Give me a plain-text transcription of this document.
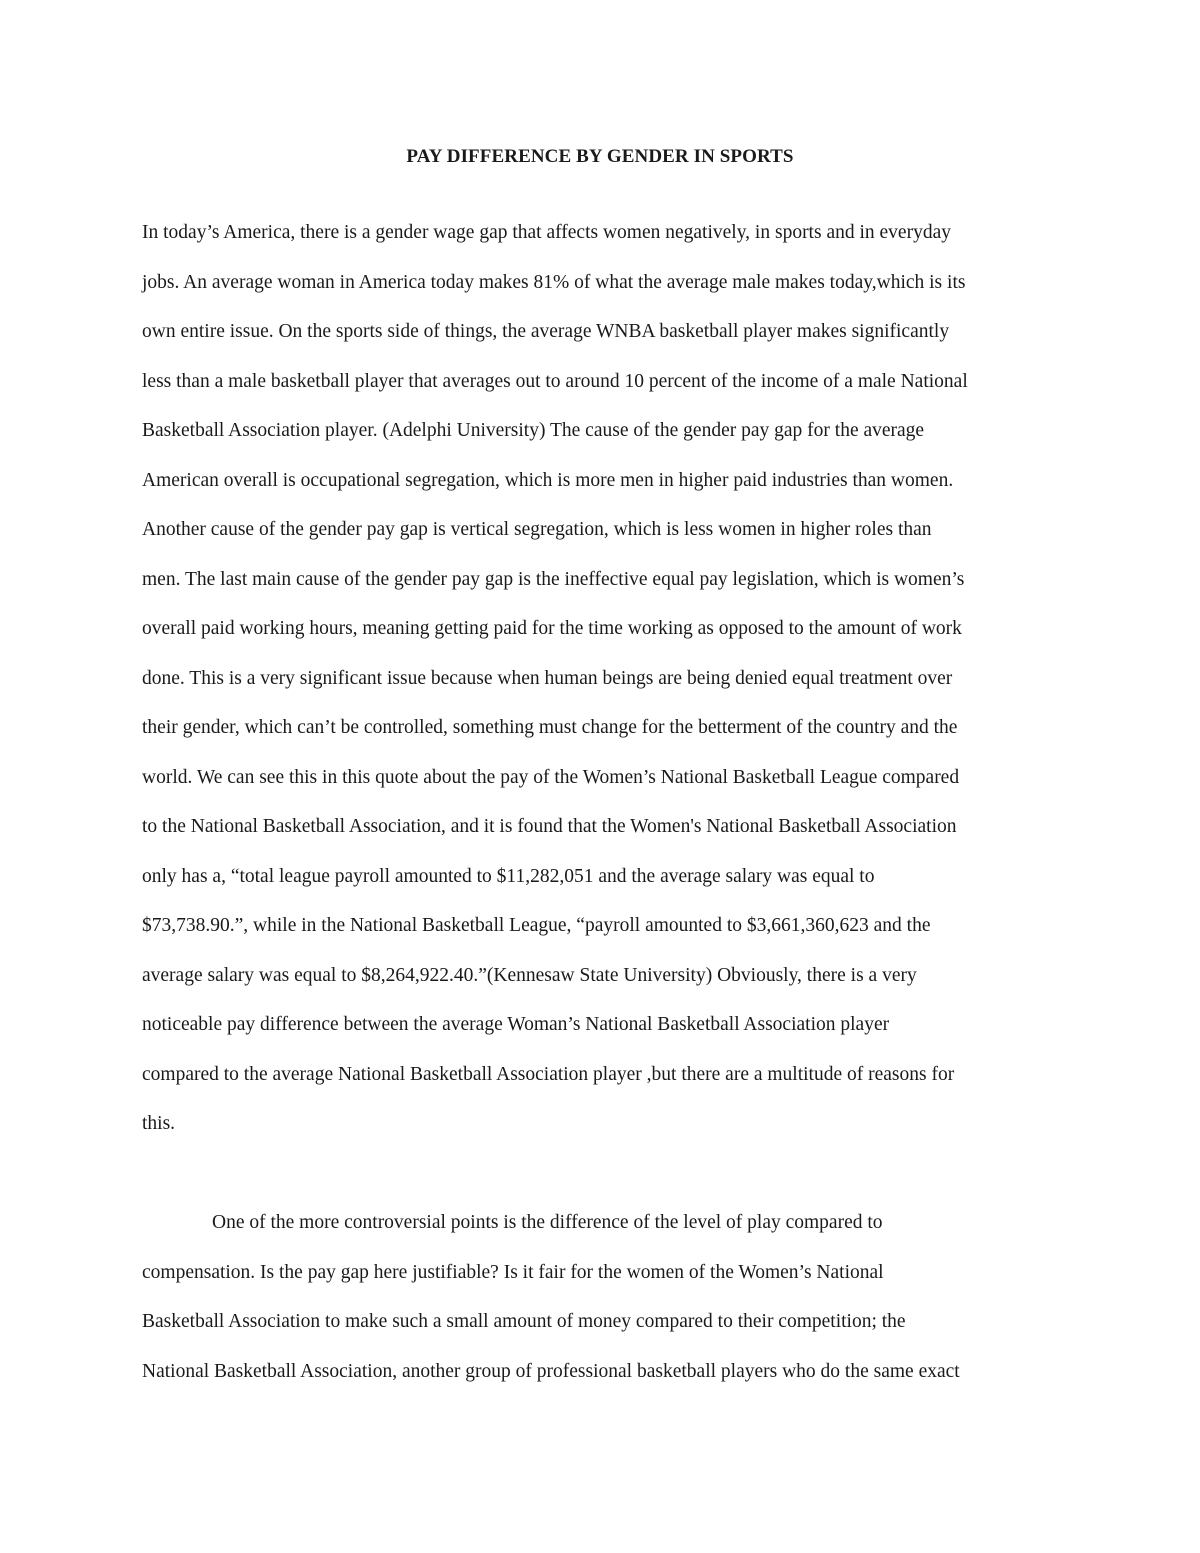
PAY DIFFERENCE BY GENDER IN SPORTS
In today’s America, there is a gender wage gap that affects women negatively, in sports and in everyday
jobs. An average woman in America today makes 81% of what the average male makes today,which is its
own entire issue. On the sports side of things, the average WNBA basketball player makes significantly
less than a male basketball player that averages out to around 10 percent of the income of a male National
Basketball Association player. (Adelphi University) The cause of the gender pay gap for the average
American overall is occupational segregation, which is more men in higher paid industries than women.
Another cause of the gender pay gap is vertical segregation, which is less women in higher roles than
men. The last main cause of the gender pay gap is the ineffective equal pay legislation, which is women’s
overall paid working hours, meaning getting paid for the time working as opposed to the amount of work
done. This is a very significant issue because when human beings are being denied equal treatment over
their gender, which can’t be controlled, something must change for the betterment of the country and the
world. We can see this in this quote about the pay of the Women’s National Basketball League compared
to the National Basketball Association, and it is found that the Women's National Basketball Association
only has a, “total league payroll amounted to $11,282,051 and the average salary was equal to
$73,738.90.”, while in the National Basketball League, “payroll amounted to $3,661,360,623 and the
average salary was equal to $8,264,922.40.”(Kennesaw State University) Obviously, there is a very
noticeable pay difference between the average Woman’s National Basketball Association player
compared to the average National Basketball Association player ,but there are a multitude of reasons for
this.
One of the more controversial points is the difference of the level of play compared to
compensation. Is the pay gap here justifiable? Is it fair for the women of the Women’s National
Basketball Association to make such a small amount of money compared to their competition; the
National Basketball Association, another group of professional basketball players who do the same exact
